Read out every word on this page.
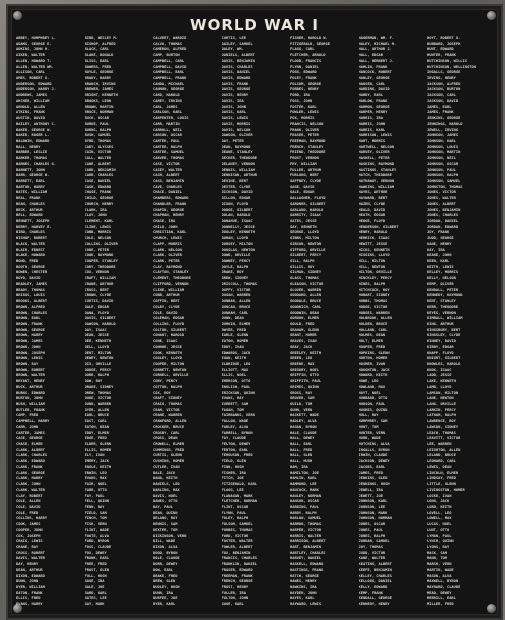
WORLD WAR I
ABBEY, HUMPHREY L.
ADAMS, GEORGE E.
ADKINS, JOHN H.
AIKEN, WALTER
ALLEN, HOWARD T.
ALLEN, WALTER WM.
ALLISON, CARL
AMES, ROBERT G.
ANDERSON, EDWARD
ANDERSON, HARRY J.
ANDREWS, JAMES
ARCHER, WILLIAM
ARNOLD, ALLEN
ATKINS, FRANK
AUSTIN, DAVID
BAILEY, ANTHONY C.
BAKER, GEORGE W.
BAKER, ROGER L.
BALDWIN, EDWARD
BALL, HENRY
BARBER, LESLIE
BARKER, THOMAS
BARNES, CHARLES G.
BARNETT, JOHN
BARR, GEORGE W.
BARRETT, EARL
BARTON, HARRY
BATES, WILLIAM
BEAL, FRANK
BEAN, CHARLES
BECK, ARTHUR
BELL, EDWARD
BENNETT, JOSEPH
BERRY, HARVEY E.
BIRD, CHARLES
BISHOP, ROBERT
BLACK, WALTER
BLAIR, ERNEST
BLAKE, HOWARD
BOND, FRED
BOOTH, GEORGE
BOWEN, CHESTER
BOYD, DAVID
BRADLEY, JAMES
BRADY, THOMAS
BRIGGS, LOUIS
BROOKS, ALBERT
BROWN, ALFRED
BROWN, CHARLES
BROWN, EARL
BROWN, FRANK
BROWN, GEORGE
BROWN, HARRY
BROWN, JAMES
BROWN, JOHN
BROWN, JOSEPH
BROWN, LEWIS
BROWN, RAY
BROWN, ROBERT
BROWN, WALTER
BRYANT, HENRY
BUCK, ARTHUR
BURNS, EDWARD
BURTON, JOHN
BUSH, WILLIAM
BUTLER, FRANK
CAMP, FRED
CAMPBELL, HARRY
CARR, JOHN
CARTER, JAMES
CASE, GEORGE
CHASE, ELMER
CLARK, ALBERT
CLARK, CHARLES
CLARK, EDWARD
CLARK, FRANK
CLARK, GEORGE
CLARK, HARRY
CLARK, JOHN
CLARK, WALTER
CLAY, ROBERT
COLE, ALLEN
COLE, DAVID
COLE, FRED
COLLINS, HARRY
COOK, JAMES
COOPER, JOHN
COX, JOSEPH
CRAIG, LEWIS
CRANE, RAY
CROSS, ROBERT
DAVIS, WALTER
DAY, HENRY
DEAN, ARTHUR
DIXON, EDWARD
DUNN, JOHN
DYER, WILLIAM
EATON, FRANK
ELLIS, FRED
EVANS, HARRY
BIRD, WESLEY M.
BISHOP, ALFRED
BLACK, CARL
BLAKE, DONALD
BLISS, EARL
BOWERS, FRED
BOYLE, GEORGE
BRADY, HARRY
BRANCH, IRVING
BREWER, JAMES
BRIGHT, KENNETH
BROOKS, LEON
BROWN, MARTIN
BRUCE, NORMAN
BUCK, OSCAR
BURKE, PAUL
BURNS, RALPH
BUSH, SAMUEL
BYRD, THOMAS
CADY, ULYSSES
CAIN, VICTOR
CALL, WALTER
CANE, ALBERT
CARD, BENJAMIN
CARR, CHARLES
CASE, DANIEL
CASH, EDWARD
CHASE, FRANK
CHILD, GEORGE
CHURCH, HENRY
CLARK, IRA
CLAY, JOHN
CLEMENT, KARL
CLINE, LEWIS
COBB, MORRIS
COLE, NELSON
COLLINS, OLIVER
CONE, PETER
COOK, RAYMOND
COOPER, STANLEY
CORY, THEODORE
COX, VERNON
CRAFT, WILLIAM
CRANE, ARTHUR
CROSS, BERT
CROWN, CLYDE
CURTIS, DAVID
DALE, EDGAR
DANA, FLOYD
DAVIS, GILBERT
DAWSON, HAROLD
DAY, ISAAC
DEAN, JESSE
DEE, KENNETH
DELL, LLOYD
DENT, MILTON
DEWEY, NEWTON
DIX, ORVILLE
DODGE, PERCY
DORR, RALPH
DOW, ROY
DRAKE, SIDNEY
DREW, THOMAS
DUKE, VICTOR
DUNN, WARREN
DYER, ALLEN
EARL, BRUCE
EAST, CARL
EATON, DEAN
EDDY, ELMER
EDGE, FRED
ELDER, GLENN
ELLIS, HOMER
ELY, IVAN
EMERY, JACK
ENGLE, KEITH
ERWIN, LEO
EVANS, MAX
FAIR, NOEL
FARR, OTTO
FAY, PAUL
FELL, QUINN
FENN, RAY
FIELD, SAM
FINCH, TOM
FISK, VERN
FLINT, WADE
FOOTE, ALVA
FORD, BYRON
FOSS, CLAUDE
FOX, DEWEY
FRANK, EARL
FREE, FRED
FROST, GLEN
FULL, HUGH
GAGE, IRA
GALE, JOE
GARD, KARL
GATES, LEE
GAY, MARK
CALVERT, WARDIE
CALVO, THOMAS
CAMERON, ALFRED
CAMP, BURTON
CAMPBELL, CARL
CAMPBELL, DAVID
CAMPBELL, EARL
CAMPBELL, FRANK
CANDA, MICHAEL
CANNON, GEORGE
CARD, HAROLD
CAREY, IRVING
CARL, JAMES
CARLSON, KARL
CARPENTER, LOUIS
CARR, MARTIN
CARROLL, NEIL
CARSON, OSCAR
CARTER, PAUL
CARTER, RALPH
CARTER, SAMUEL
CARVER, THOMAS
CASE, VICTOR
CASEY, WALTER
CASH, ALBERT
CASS, BENJAMIN
CAVE, CHARLES
CHACE, DANIEL
CHAMBERS, EDWARD
CHANDLER, FRANK
CHAPIN, GEORGE
CHAPMAN, HENRY
CHASE, IRA
CHILD, JOHN
CHRISTIAN, KARL
CHURCH, LEWIS
CLAPP, MORRIS
CLARK, NELSON
CLARK, OLIVER
CLARK, PETER
CLAY, RAYMOND
CLAYTON, STANLEY
CLEMENT, THEODORE
CLIFFORD, VERNON
CLINE, WILLIAM
COBB, ARTHUR
COFFIN, BERT
COLBY, CLYDE
COLE, DAVID
COLEMAN, EDGAR
COLLINS, FLOYD
COLTON, GILBERT
CONANT, HAROLD
CONE, ISAAC
CONNOR, JESSE
COOK, KENNETH
COOLEY, LLOYD
COOPER, MILTON
CORBETT, NEWTON
CORNELL, ORVILLE
CORY, PERCY
COTTON, RALPH
COX, ROY
CRAFT, SIDNEY
CRAIG, THOMAS
CRAM, VICTOR
CRANE, WARREN
CRAWFORD, ALLEN
CROCKER, BRUCE
CROSBY, CARL
CROSS, DEAN
CROWELL, ELMER
CUMMINGS, FRED
CURTIS, GLENN
CUSHING, HOMER
CUTLER, IVAN
DALE, JACK
DANA, KEITH
DANIELS, LEO
DARLING, MAX
DAVIS, NOEL
DAWES, OTTO
DAY, PAUL
DEAN, QUINN
DELANO, RAY
DENNIS, SAM
DEXTER, TOM
DICKINSON, VERN
DILL, WADE
DIXON, ALVA
DODD, BYRON
DOLE, CLAUDE
DORR, DEWEY
DOW, EARL
DRAKE, FRED
DREW, GLEN
DUDLEY, HUGH
DUNN, IRA
DURFEE, JOE
DYER, KARL
CURTIS, LEE
DAILEY, SAMUEL
DALEY, WM.
DANIELS, ALBERT
DAVIS, BENJAMIN
DAVIS, CHARLES
DAVIS, DANIEL
DAVIS, EDWARD
DAVIS, FRANK
DAVIS, GEORGE
DAVIS, HENRY
DAVIS, IRA
DAVIS, JOHN
DAVIS, KARL
DAVIS, LEWIS
DAVIS, MORRIS
DAVIS, NELSON
DAWSON, OLIVER
DAY, PETER
DEAN, RAYMOND
DEANE, STANLEY
DECKER, THEODORE
DELANEY, VERNON
DENNIS, WILLIAM
DENNISON, ARTHUR
DEVINE, BERT
DEXTER, CLYDE
DICKSON, DAVID
DILLON, EDGAR
DIXON, FLOYD
DODGE, GILBERT
DOLAN, HAROLD
DONAHUE, ISAAC
DONNELLY, JESSE
DOOLEY, KENNETH
DORAN, LLOYD
DORSEY, MILTON
DOUGLAS, NEWTON
DOWD, ORVILLE
DOWNEY, PERCY
DOYLE, RALPH
DRAKE, ROY
DREW, SIDNEY
DRISCOLL, THOMAS
DUFFY, VICTOR
DUGAN, WARREN
DUNBAR, ALLEN
DUNCAN, BRUCE
DUNHAM, CARL
DUNN, DEAN
DURKIN, ELMER
DWYER, FRED
EARLE, GLENN
EATON, HOMER
EDDY, IVAN
EDWARDS, JACK
EGAN, KEITH
ELDRIDGE, LEO
ELLIOTT, MAX
ELLIS, NOEL
EMERSON, OTTO
ENGLISH, PAUL
ERICKSON, QUINN
EVANS, RAY
EVERETT, SAM
FAGAN, TOM
FAIRBANKS, VERN
FALLON, WADE
FARLEY, ALVA
FARRELL, BYRON
FAY, CLAUDE
FELTON, DEWEY
FENTON, EARL
FERGUSON, FRED
FIELD, GLEN
FINN, HUGH
FISHER, IRA
FITCH, JOE
FITZGERALD, KARL
FLAGG, LEE
FLANAGAN, MARK
FLETCHER, NORMAN
FLINT, OSCAR
FLYNN, PAUL
FOLEY, RALPH
FOLSOM, SAMUEL
FORBES, THOMAS
FORD, VICTOR
FOSTER, WALTER
FOWLER, ALBERT
FOX, BENJAMIN
FRANCIS, CHARLES
FRANKLIN, DANIEL
FRASER, EDWARD
FREEMAN, FRANK
FRENCH, GEORGE
FROST, HENRY
FULLER, IRA
FULTON, JOHN
GAGE, KARL
FISHER, HAROLD W.
FITZGERALD, GEORGE
FLAGG, CARL
FLETCHER, ARNOLD
FLOOD, FRANCIS
FLYNN, DANIEL
FOGG, EDWARD
FOLEY, FRANK
FOLSOM, GEORGE
FORBES, HENRY
FORD, IRA
FOSS, JOHN
FOSTER, KARL
FOWLER, LEWIS
FOX, MORRIS
FRANCIS, NELSON
FRANK, OLIVER
FRASER, PETER
FREEMAN, RAYMOND
FRENCH, STANLEY
FRIEND, THEODORE
FROST, VERNON
FRY, WILLIAM
FULLER, ARTHUR
FURLONG, BERT
GAFFNEY, CLYDE
GAGE, DAVID
GALE, EDGAR
GALLAGHER, FLOYD
GARDNER, GILBERT
GARLAND, HAROLD
GARRITY, ISAAC
GATES, JESSE
GAY, KENNETH
GEORGE, LLOYD
GIBBS, MILTON
GIBSON, NEWTON
GIFFORD, ORVILLE
GILBERT, PERCY
GILL, RALPH
GILLIS, ROY
GILMAN, SIDNEY
GLASS, THOMAS
GLEASON, VICTOR
GLOVER, WARREN
GODDARD, ALLEN
GOODALE, BRUCE
GOODRICH, CARL
GOODWIN, DEAN
GORDON, ELMER
GOULD, FRED
GRAHAM, GLENN
GRANT, HOMER
GRAVES, IVAN
GRAY, JACK
GREELEY, KEITH
GREEN, LEO
GREENE, MAX
GREGORY, NOEL
GRIFFIN, OTTO
GRIFFITH, PAUL
GRIMES, QUINN
GROSS, RAY
GROVER, SAM
GUILD, TOM
GUNN, VERN
HACKETT, WADE
HADLEY, ALVA
HAGAN, BYRON
HALE, CLAUDE
HALL, DEWEY
HALL, EARL
HALL, FRED
HALL, GLEN
HALL, HUGH
HAM, IRA
HAMILTON, JOE
HAMLIN, KARL
HAMMOND, LEE
HANCOCK, MARK
HANLEY, NORMAN
HANSON, OSCAR
HARDING, PAUL
HARDY, RALPH
HARLOW, SAMUEL
HARMON, THOMAS
HARPER, VICTOR
HARRIS, WALTER
HARRISON, ALBERT
HART, BENJAMIN
HARTLEY, CHARLES
HARVEY, DANIEL
HASKELL, EDWARD
HASTINGS, FRANK
HATCH, GEORGE
HAWES, HENRY
HAWKINS, IRA
HAYDEN, JOHN
HAYES, KARL
HAYWARD, LEWIS
HAGERMAN, WM. F.
HALEY, MICHAEL M.
HALL, ARTHUR J.
HALL, EDGAR
HALL, HERBERT J.
HAMLIN, FRANK
HANCOCK, ROBERT
HANLEY, GEORGE
HANSEN, CARL
HARDING, DAVID
HARDY, EARL
HARLOW, FRANK
HARMON, GEORGE
HARPER, HENRY
HARRIS, IRA
HARRIS, JOHN
HARRIS, KARL
HARRISON, LEWIS
HART, MORRIS
HARTWELL, NELSON
HARVEY, OLIVER
HASKELL, PETER
HASKINS, RAYMOND
HASTINGS, STANLEY
HATCH, THEODORE
HATHAWAY, VERNON
HAWKINS, WILLIAM
HAYES, ARTHUR
HAYWARD, BERT
HAZEN, CLYDE
HEALD, DAVID
HEATH, EDGAR
HEDGE, FLOYD
HENDERSON, GILBERT
HENRY, HAROLD
HERRICK, ISAAC
HEWITT, JESSE
HICKS, KENNETH
HIGGINS, LLOYD
HILL, MILTON
HILL, NEWTON
HILTON, ORVILLE
HINCKLEY, PERCY
HINES, RALPH
HITCHCOCK, ROY
HOBART, SIDNEY
HOBBS, THOMAS
HODGE, VICTOR
HODGES, WARREN
HOLBROOK, ALLEN
HOLDEN, BRUCE
HOLLAND, CARL
HOLMES, DEAN
HOLT, ELMER
HOOPER, FRED
HOPKINS, GLENN
HORTON, HOMER
HOSMER, IVAN
HOUGHTON, JACK
HOWARD, KEITH
HOWE, LEO
HOWLAND, MAX
HOYT, NOEL
HUBBARD, OTTO
HUDSON, PAUL
HUGHES, QUINN
HULL, RAY
HUMPHREY, SAM
HUNT, TOM
HUNTER, VERN
HURD, WADE
HUTCHINS, ALVA
INGALLS, BYRON
IRWIN, CLAUDE
JACKSON, DEWEY
JACOBS, EARL
JAMES, FRED
JENKINS, GLEN
JENNINGS, HUGH
JEWELL, IRA
JEWETT, JOE
JOHNSON, KARL
JOHNSON, LEE
JOHNSON, MARK
JOHNSON, NORMAN
JONES, OSCAR
JONES, PAUL
JONES, RALPH
JORDAN, SAMUEL
JOY, THOMAS
JUDD, VICTOR
KANE, WALTER
KEATING, ALBERT
KEEFE, BENJAMIN
KELLEY, CHARLES
KELLOGG, DANIEL
KELLY, EDWARD
KEMP, FRANK
KENDALL, GEORGE
KENNEDY, HENRY
HOYT, ROBERT G.
HUBBARD, JOSEPH
HUNT, EDWARD
HUNTER, FRANK
HUTCHINSON, WILLIS
HUTCHINSON, WELLINGTON
INGALLS, GEORGE
IRVING, HENRY
JACKSON, ALFRED
JACKSON, BURTON
JACKSON, CARL
JACKSON, DAVID
JAMES, EARL
JAMES, FRANK
JENKINS, GEORGE
JENNINGS, HAROLD
JEWELL, IRVING
JOHNSON, JAMES
JOHNSON, KARL
JOHNSON, LOUIS
JOHNSON, MARTIN
JOHNSON, NEIL
JOHNSON, OSCAR
JOHNSON, PAUL
JOHNSON, RALPH
JOHNSON, SAMUEL
JOHNSTON, THOMAS
JONES, VICTOR
JONES, WALTER
JONES, ALBERT
JONES, BENJAMIN
JONES, CHARLES
JORDAN, DANIEL
JORDAN, EDWARD
JOY, FRANK
JUDD, GEORGE
KANE, HENRY
KAY, IRA
KEANE, JOHN
KEEN, KARL
KEITH, LEWIS
KELLEY, MORRIS
KELLY, NELSON
KEMP, OLIVER
KENDALL, PETER
KENNEDY, RAYMOND
KENT, STANLEY
KERR, THEODORE
KEYES, VERNON
KIMBALL, WILLIAM
KING, ARTHUR
KINGSBURY, BERT
KINGSLEY, CLYDE
KINNEY, DAVID
KIRBY, EDGAR
KNAPP, FLOYD
KNIGHT, GILBERT
KNOWLES, HAROLD
KNOX, ISAAC
LADD, JESSE
LAKE, KENNETH
LAMB, LLOYD
LAMSON, MILTON
LANE, NEWTON
LANG, ORVILLE
LARKIN, PERCY
LATHAM, RALPH
LAWRENCE, ROY
LAWSON, SIDNEY
LEACH, THOMAS
LEAVITT, VICTOR
LEE, WARREN
LEIGHTON, ALLEN
LELAND, BRUCE
LEONARD, CARL
LEWIS, DEAN
LINCOLN, ELMER
LINDSAY, FRED
LITTLE, GLENN
LIVINGSTON, HOMER
LOCKE, IVAN
LONG, JACK
LORD, KEITH
LOVELL, LEO
LOWELL, MAX
LUCAS, NOEL
LUNT, OTTO
LYMAN, PAUL
LYNCH, QUINN
LYONS, RAY
MACK, SAM
MANN, TOM
MARSH, VERN
MARTIN, WADE
MASON, ALVA
MAXWELL, BYRON
MAYNARD, CLAUDE
MEAD, DEWEY
MERRILL, EARL
MILLER, FRED
